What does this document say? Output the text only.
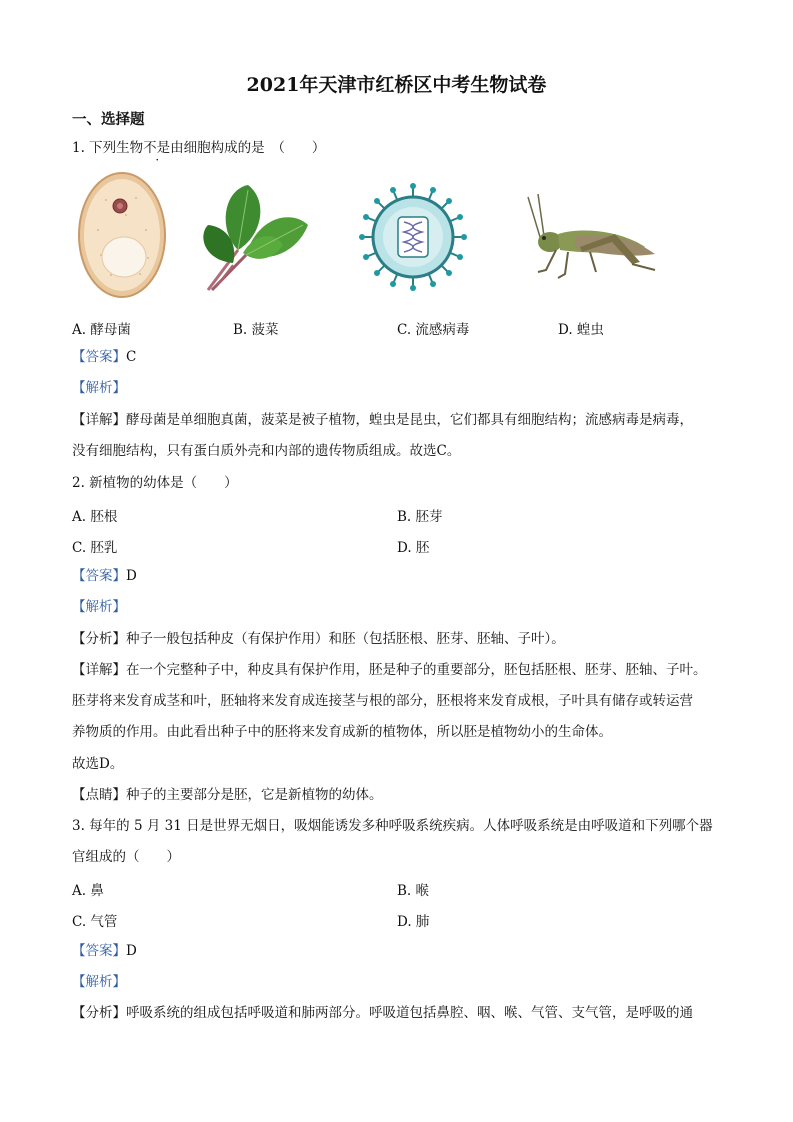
2021年天津市红桥区中考生物试卷
一、选择题
1. 下列生物不是由细胞构成的是　（　　）
A. 酵母菌	B. 菠菜	C. 流感病毒	D. 蝗虫
【答案】C
【解析】
【详解】酵母菌是单细胞真菌，菠菜是被子植物，蝗虫是昆虫，它们都具有细胞结构；流感病毒是病毒，
没有细胞结构，只有蛋白质外壳和内部的遗传物质组成。故选C。
2. 新植物的幼体是（　　）
A. 胚根	B. 胚芽
C. 胚乳	D. 胚
【答案】D
【解析】
【分析】种子一般包括种皮（有保护作用）和胚（包括胚根、胚芽、胚轴、子叶）。
【详解】在一个完整种子中，种皮具有保护作用，胚是种子的重要部分，胚包括胚根、胚芽、胚轴、子叶。
胚芽将来发育成茎和叶，胚轴将来发育成连接茎与根的部分，胚根将来发育成根，子叶具有储存或转运营
养物质的作用。由此看出种子中的胚将来发育成新的植物体，所以胚是植物幼小的生命体。
故选D。
【点睛】种子的主要部分是胚，它是新植物的幼体。
3. 每年的 5 月 31 日是世界无烟日，吸烟能诱发多种呼吸系统疾病。人体呼吸系统是由呼吸道和下列哪个器
官组成的（　　）
A. 鼻	B. 喉
C. 气管	D. 肺
【答案】D
【解析】
【分析】呼吸系统的组成包括呼吸道和肺两部分。呼吸道包括鼻腔、咽、喉、气管、支气管，是呼吸的通
